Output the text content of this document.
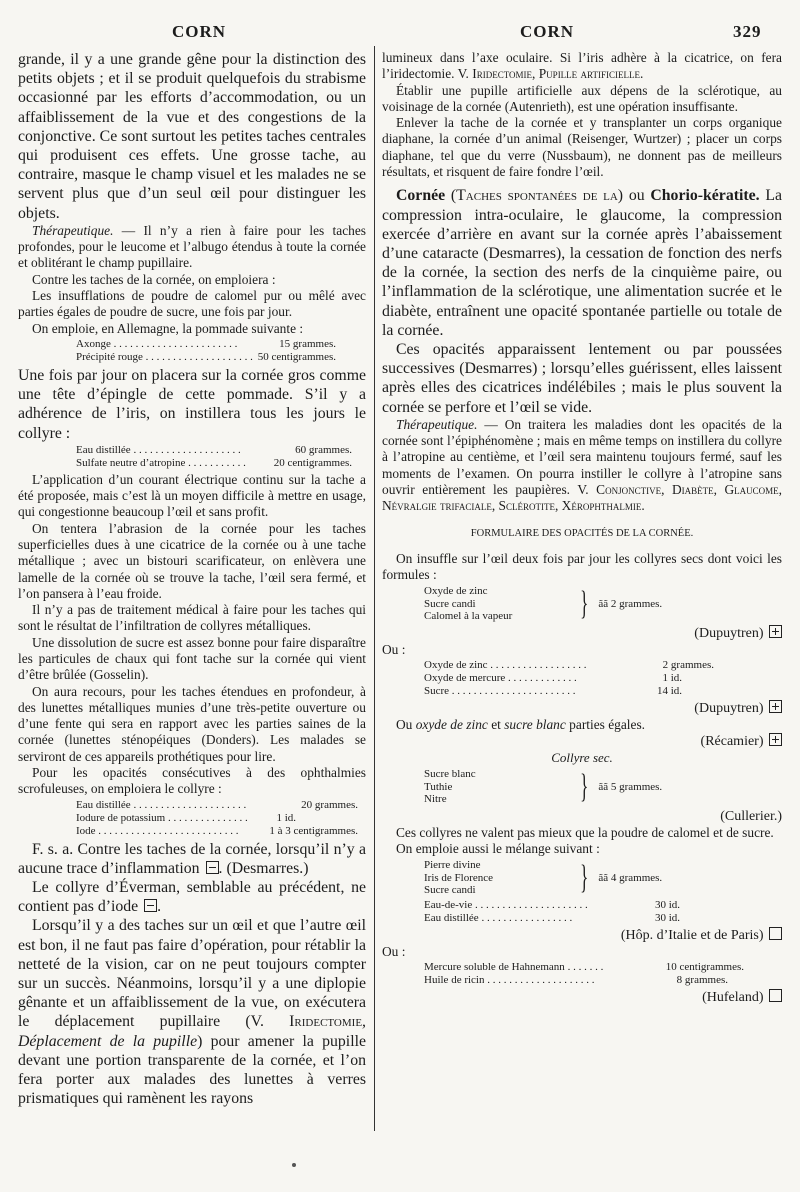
CORN	CORN	329

grande, il y a une grande gêne pour la distinction des petits objets ; et il se produit quelquefois du strabisme occasionné par les efforts d’accommodation, ou un affaiblissement de la vue et des congestions de la conjonctive. Ce sont surtout les petites taches centrales qui produisent ces effets. Une grosse tache, au contraire, masque le champ visuel et les malades ne se servent plus que d’un seul œil pour distinguer les objets.

Thérapeutique. — Il n’y a rien à faire pour les taches profondes, pour le leucome et l’albugo étendus à toute la cornée et oblitérant le champ pupillaire.

Contre les taches de la cornée, on emploiera :

Les insufflations de poudre de calomel pur ou mêlé avec parties égales de poudre de sucre, une fois par jour.

On emploie, en Allemagne, la pommade suivante :

Axonge . . . . . . . . . . . . . . . . . . . . . . .	15 grammes.
Précipité rouge . . . . . . . . . . . . . . . . . . . . 50 centigrammes.

Une fois par jour on placera sur la cornée gros comme une tête d’épingle de cette pommade. S’il y a adhérence de l’iris, on instillera tous les jours le collyre :

Eau distillée . . . . . . . . . . . . . . . . . . . .	60 grammes.
Sulfate neutre d’atropine . . . . . . . . . . .	20 centigrammes.

L’application d’un courant électrique continu sur la tache a été proposée, mais c’est là un moyen difficile à mettre en usage, qui congestionne beaucoup l’œil et sans profit.

On tentera l’abrasion de la cornée pour les taches superficielles dues à une cicatrice de la cornée ou à une tache métallique ; avec un bistouri scarificateur, on enlèvera une lamelle de la cornée où se trouve la tache, l’œil sera fermé, et l’on pansera à l’eau froide.

Il n’y a pas de traitement médical à faire pour les taches qui sont le résultat de l’infiltration de collyres métalliques.

Une dissolution de sucre est assez bonne pour faire disparaître les particules de chaux qui font tache sur la cornée qui vient d’être brûlée (Gosselin).

On aura recours, pour les taches étendues en profondeur, à des lunettes métalliques munies d’une très-petite ouverture ou d’une fente qui sera en rapport avec les parties saines de la cornée (lunettes sténopéiques (Donders). Les malades se serviront de ces appareils prothétiques pour lire.

Pour les opacités consécutives à des ophthalmies scrofuleuses, on emploiera le collyre :

Eau distillée . . . . . . . . . . . . . . . . . . . . .	20 grammes.
Iodure de potassium . . . . . . . . . . . . . . .	1 id.
Iode . . . . . . . . . . . . . . . . . . . . . . . . . .	1 à 3 centigrammes.

F. s. a. Contre les taches de la cornée, lorsqu’il n’y a aucune trace d’inflammation . (Desmarres.)

Le collyre d’Éverman, semblable au précédent, ne contient pas d’iode .

Lorsqu’il y a des taches sur un œil et que l’autre œil est bon, il ne faut pas faire d’opération, pour rétablir la netteté de la vision, car on ne peut toujours compter sur un succès. Néanmoins, lorsqu’il y a une diplopie gênante et un affaiblissement de la vue, on exécutera le déplacement pupillaire (V. Iridectomie, Déplacement de la pupille) pour amener la pupille devant une portion transparente de la cornée, et l’on fera porter aux malades des lunettes à verres prismatiques qui ramènent les rayons

lumineux dans l’axe oculaire. Si l’iris adhère à la cicatrice, on fera l’iridectomie. V. Iridectomie, Pupille artificielle.

Établir une pupille artificielle aux dépens de la sclérotique, au voisinage de la cornée (Autenrieth), est une opération insuffisante.

Enlever la tache de la cornée et y transplanter un corps organique diaphane, la cornée d’un animal (Reisenger, Wurtzer) ; placer un corps diaphane, tel que du verre (Nussbaum), ne donnent pas de meilleurs résultats, et risquent de faire fondre l’œil.

Cornée (Taches spontanées de la) ou Chorio-kératite. La compression intra-oculaire, le glaucome, la compression exercée d’arrière en avant sur la cornée après l’abaissement d’une cataracte (Desmarres), la cessation de fonction des nerfs de la cornée, la section des nerfs de la cinquième paire, ou l’inflammation de la sclérotique, une alimentation sucrée et le diabète, entraînent une opacité spontanée partielle ou totale de la cornée.

Ces opacités apparaissent lentement ou par poussées successives (Desmarres) ; lorsqu’elles guérissent, elles laissent après elles des cicatrices indélébiles ; mais le plus souvent la cornée se perfore et l’œil se vide.

Thérapeutique. — On traitera les maladies dont les opacités de la cornée sont l’épiphénomène ; mais en même temps on instillera du collyre à l’atropine au centième, et l’œil sera maintenu toujours fermé, sauf les moments de l’examen. On pourra instiller le collyre à l’atropine sans ouvrir entièrement les paupières. V. Conjonctive, Diabète, Glaucome, Névralgie trifaciale, Sclérotite, Xérophthalmie.

FORMULAIRE DES OPACITÉS DE LA CORNÉE.

On insuffle sur l’œil deux fois par jour les collyres secs dont voici les formules :

Oxyde de zinc
Sucre candi
Calomel à la vapeur	} ãã 2 grammes.
(Dupuytren)

Ou :

Oxyde de zinc . . . . . . . . . . . . . . . . . .	2 grammes.
Oxyde de mercure . . . . . . . . . . . . .	1 id.
Sucre . . . . . . . . . . . . . . . . . . . . . . .	14 id.
(Dupuytren)

Ou oxyde de zinc et sucre blanc parties égales.

(Récamier)
Collyre sec.
Sucre blanc
Tuthie
Nitre	} ãã 5 grammes.
(Cullerier.)

Ces collyres ne valent pas mieux que la poudre de calomel et de sucre.

On emploie aussi le mélange suivant :

Pierre divine
Iris de Florence
Sucre candi	} ãã 4 grammes.
Eau-de-vie . . . . . . . . . . . . . . . . . . . . .	30 id.
Eau distillée . . . . . . . . . . . . . . . . .	30 id.
(Hôp. d’Italie et de Paris)

Ou :

Mercure soluble de Hahnemann . . . . . . .	10 centigrammes.
Huile de ricin . . . . . . . . . . . . . . . . . . . .	8 grammes.
(Hufeland)
